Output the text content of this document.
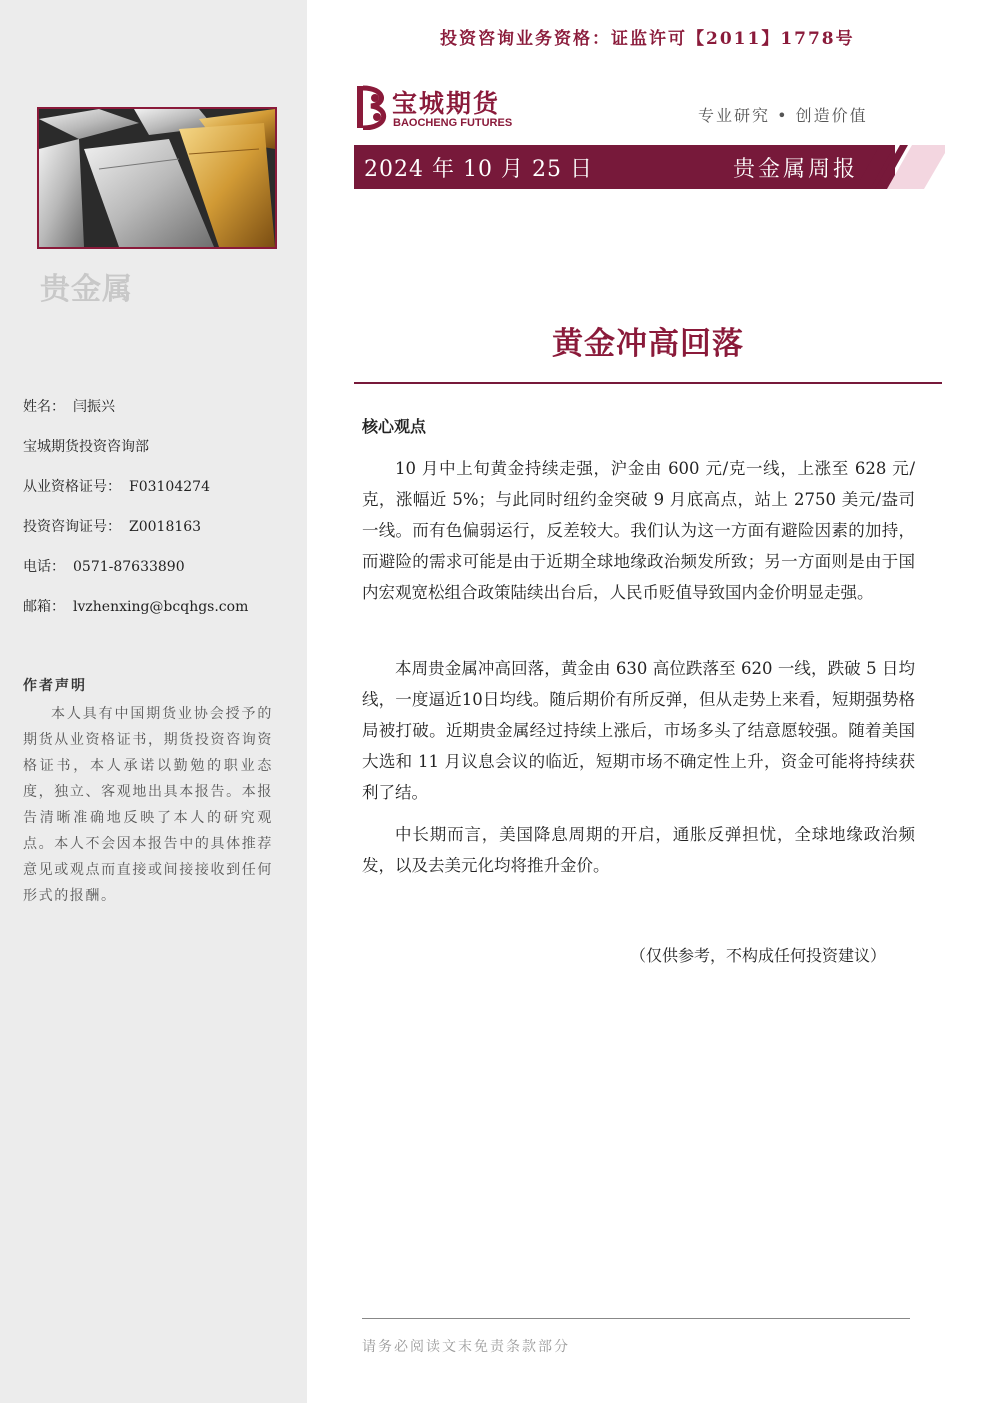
贵金属
姓名： 闫振兴
宝城期货投资咨询部
从业资格证号： F03104274
投资咨询证号： Z0018163
电话： 0571-87633890
邮箱： lvzhenxing@bcqhgs.com
作者声明
本人具有中国期货业协会授予的期货从业资格证书，期货投资咨询资格证书，本人承诺以勤勉的职业态度，独立、客观地出具本报告。本报告清晰准确地反映了本人的研究观点。本人不会因本报告中的具体推荐意见或观点而直接或间接接收到任何形式的报酬。
投资咨询业务资格：证监许可【2011】1778号
宝城期货
BAOCHENG FUTURES	专业研究 • 创造价值
2024 年 10 月 25 日	贵金属周报
黄金冲高回落
核心观点

10 月中上旬黄金持续走强，沪金由 600 元/克一线，上涨至 628 元/克，涨幅近 5%；与此同时纽约金突破 9 月底高点，站上 2750 美元/盎司一线。而有色偏弱运行，反差较大。我们认为这一方面有避险因素的加持，而避险的需求可能是由于近期全球地缘政治频发所致；另一方面则是由于国内宏观宽松组合政策陆续出台后，人民币贬值导致国内金价明显走强。

本周贵金属冲高回落，黄金由 630 高位跌落至 620 一线，跌破 5 日均线，一度逼近10日均线。随后期价有所反弹，但从走势上来看，短期强势格局被打破。近期贵金属经过持续上涨后，市场多头了结意愿较强。随着美国大选和 11 月议息会议的临近，短期市场不确定性上升，资金可能将持续获利了结。

中长期而言，美国降息周期的开启，通胀反弹担忧，全球地缘政治频发，以及去美元化均将推升金价。

（仅供参考，不构成任何投资建议）
请务必阅读文末免责条款部分
